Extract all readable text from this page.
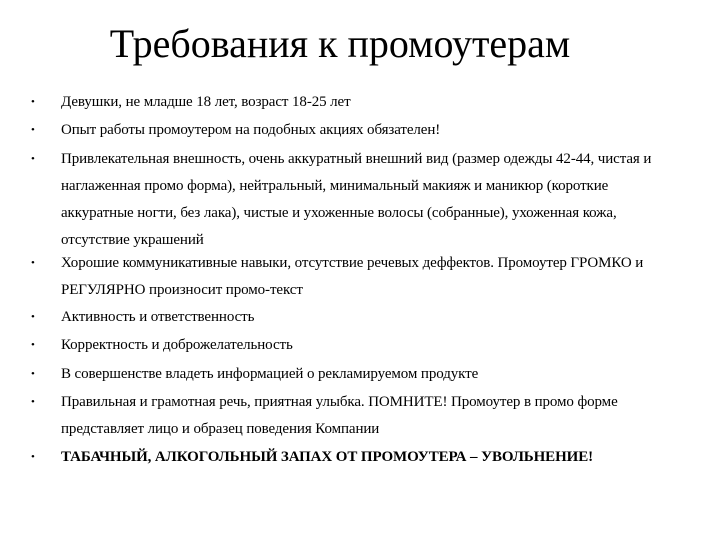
Требования к промоутерам
• Девушки, не младше 18 лет, возраст 18-25 лет
• Опыт работы промоутером на подобных акциях обязателен!
• Привлекательная внешность, очень аккуратный внешний вид (размер одежды 42-44, чистая и наглаженная промо форма), нейтральный, минимальный макияж и маникюр (короткие аккуратные ногти, без лака), чистые и ухоженные волосы (собранные), ухоженная кожа, отсутствие украшений
• Хорошие коммуникативные навыки, отсутствие речевых деффектов. Промоутер ГРОМКО и РЕГУЛЯРНО произносит промо-текст
• Активность и ответственность
• Корректность и доброжелательность
• В совершенстве владеть информацией о рекламируемом продукте
• Правильная и грамотная речь, приятная улыбка. ПОМНИТЕ! Промоутер в промо форме представляет лицо и образец поведения Компании
• ТАБАЧНЫЙ, АЛКОГОЛЬНЫЙ ЗАПАХ ОТ ПРОМОУТЕРА – УВОЛЬНЕНИЕ!
